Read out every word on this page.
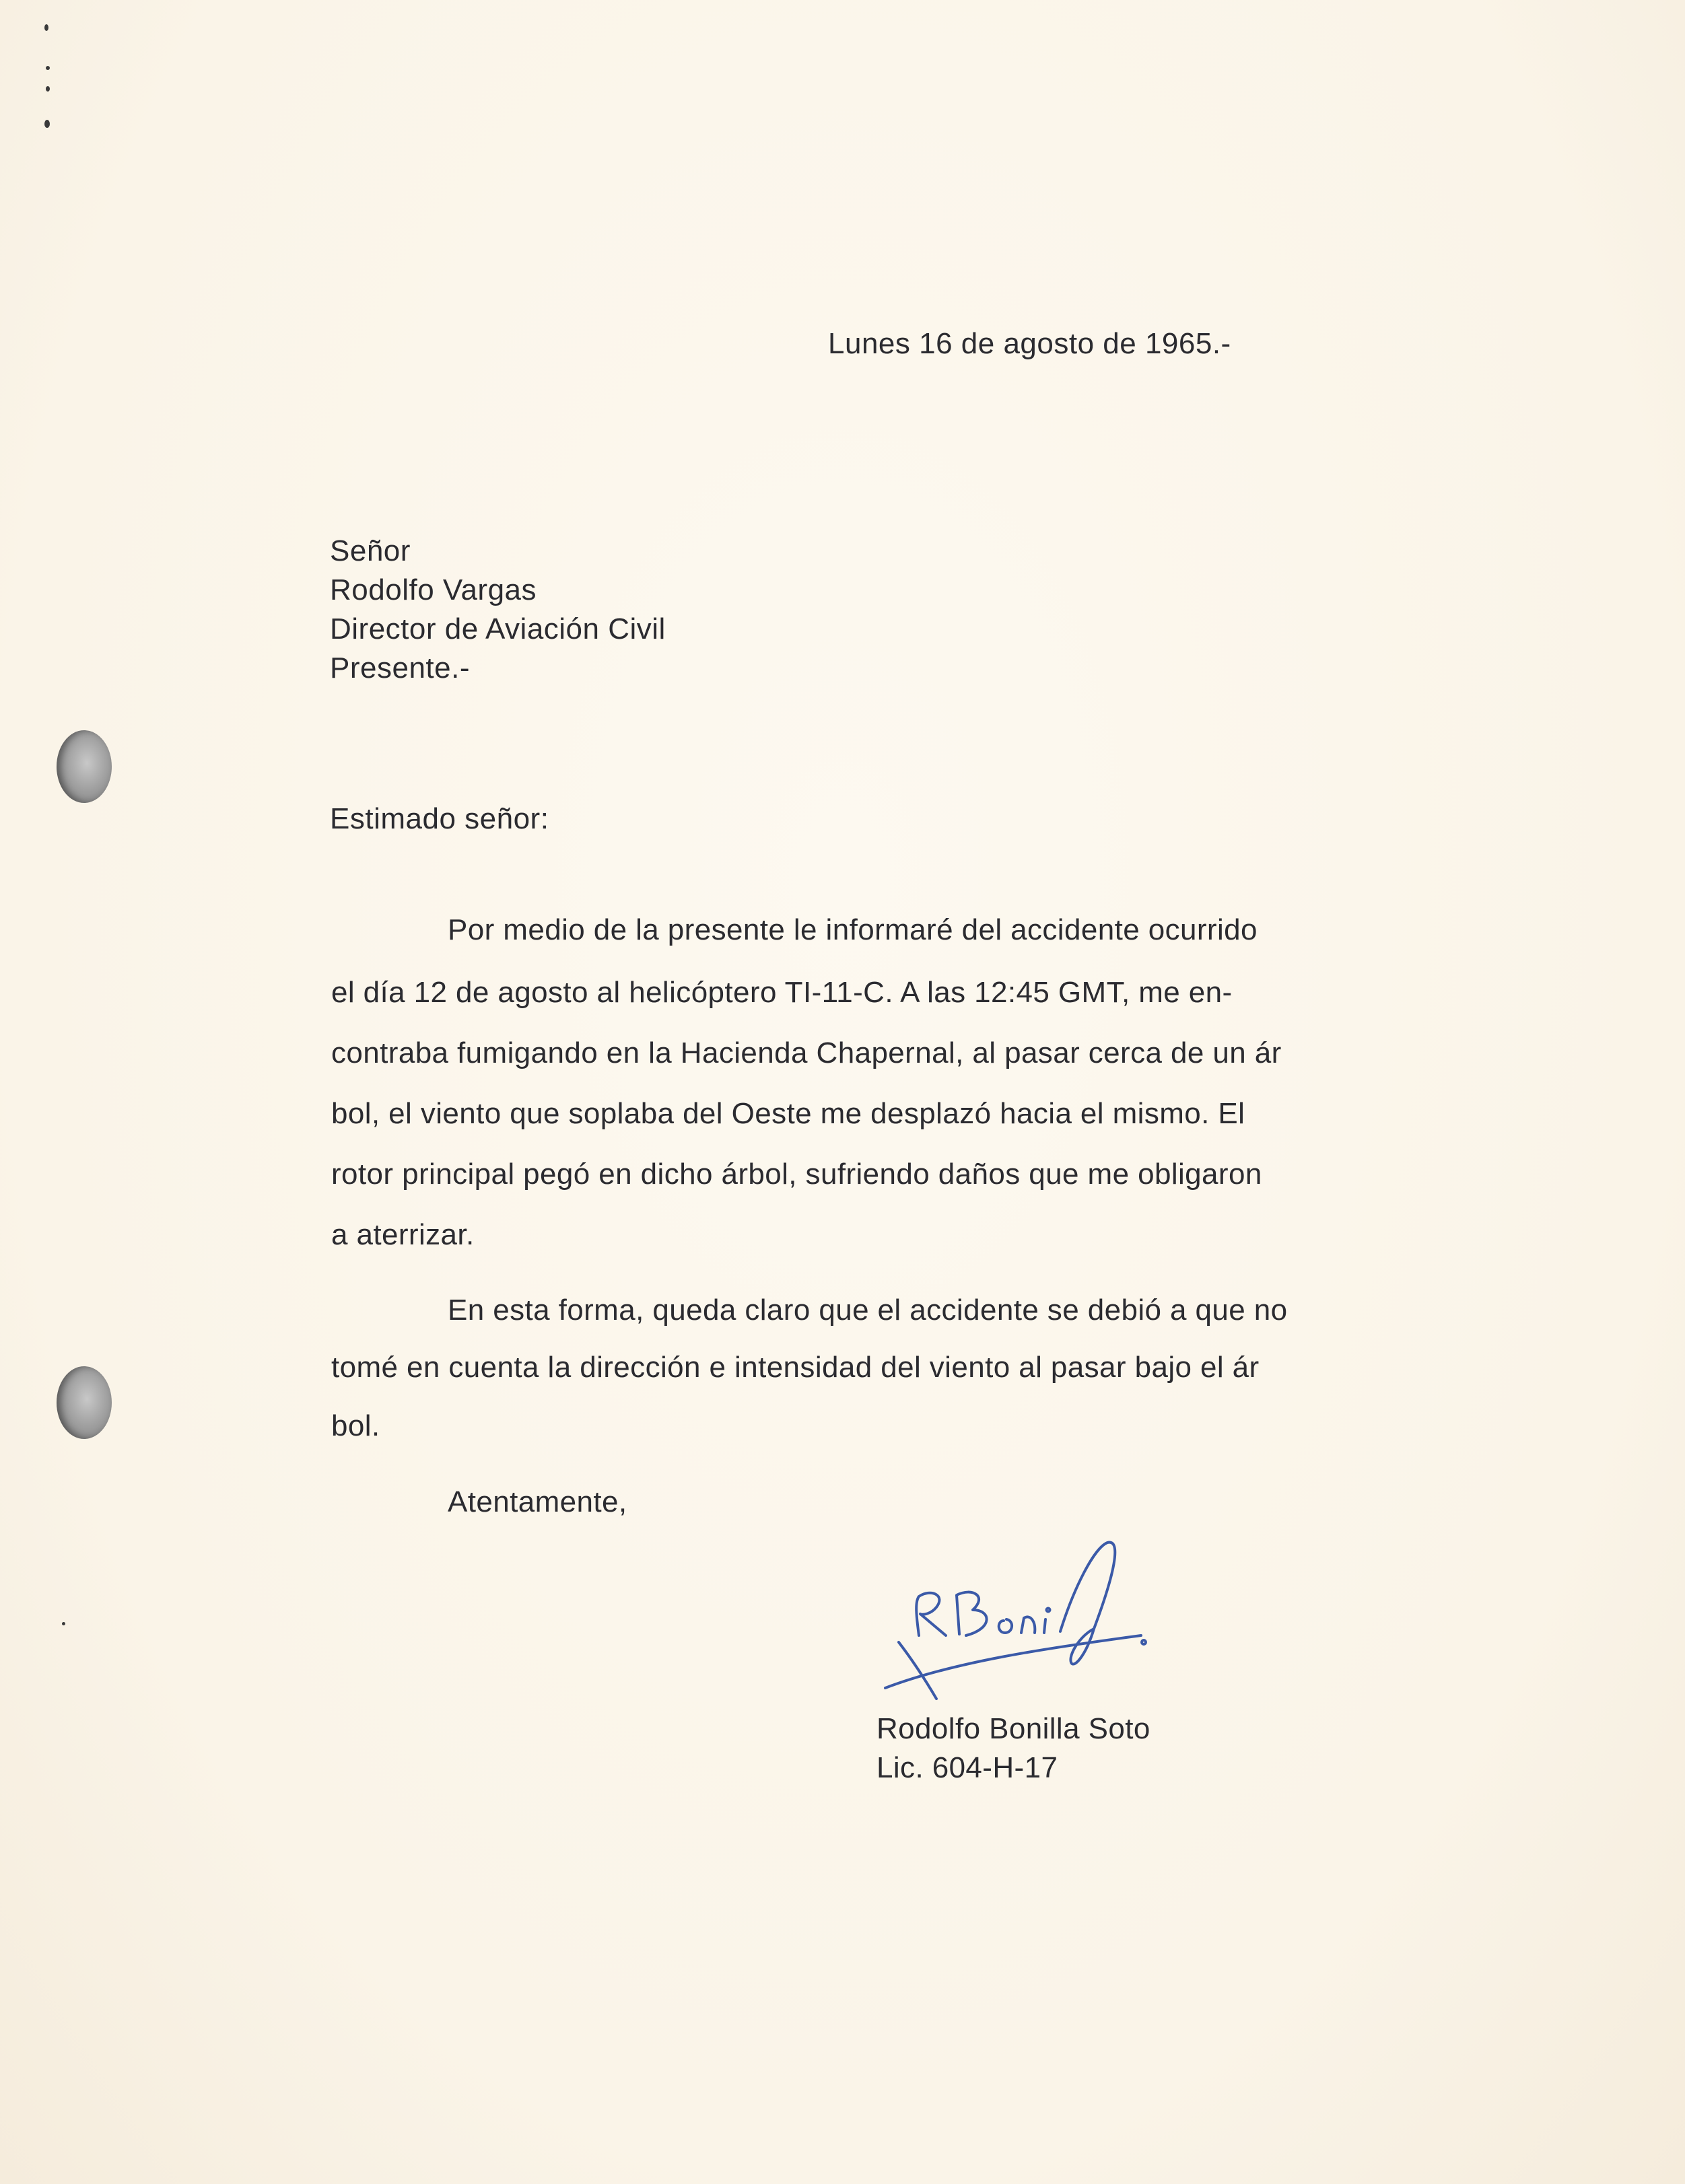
Lunes 16 de agosto de 1965.-
Señor
Rodolfo Vargas
Director de Aviación Civil
Presente.-
Estimado señor:
Por medio de la presente le informaré del accidente ocurrido
el día 12 de agosto al helicóptero TI-11-C. A las 12:45 GMT, me en-
contraba fumigando en la Hacienda Chapernal, al pasar cerca de un ár
bol, el viento que soplaba del Oeste me desplazó hacia el mismo. El
rotor principal pegó en dicho árbol, sufriendo daños que me obligaron
a aterrizar.
En esta forma, queda claro que el accidente se debió a que no
tomé en cuenta la dirección e intensidad del viento al pasar bajo el ár
bol.
Atentamente,
Rodolfo Bonilla Soto
Lic. 604-H-17
